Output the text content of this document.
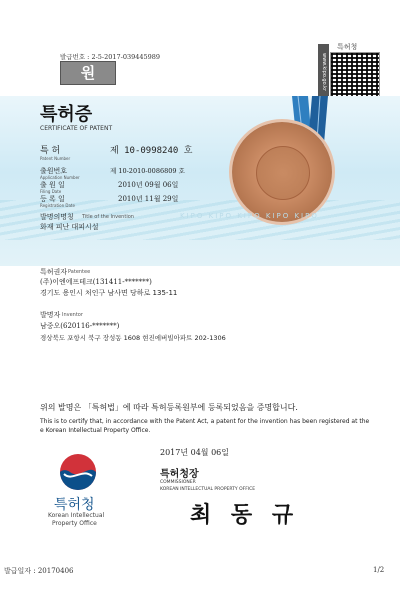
발급번호 : 2-5-2017-039445989
원
특허청
www.kipo.go.kr
특허증
CERTIFICATE OF PATENT
특 허
Patent Number
제 10-0998240 호
출원번호
Application Number
제 10-2010-0086809 호
출 원 일
Filing Date
2010년 09월 06일
등 록 일
Registration Date
2010년 11월 29일
발명의명칭 Title of the Invention
화재 피난 대피시설
KIPO KIPO KIPO KIPO KIPO
특허권자 Patentee
(주)이엔에프테크(131411-*******)
경기도 용인시 처인구 남사면 당하로 135-11
발명자 Inventor
남중오(620116-*******)
경상북도 포항시 북구 장성동 1608 현진에버빌아파트 202-1306
위의 발명은 「특허법」에 따라 특허등록원부에 등록되었음을 증명합니다.
This is to certify that, in accordance with the Patent Act, a patent for the invention has been registered at the
e Korean Intellectual Property Office.
2017년 04월 06일
특허청장
COMMISSIONER
KOREAN INTELLECTUAL PROPERTY OFFICE
최 동 규
특허청
Korean Intellectual
Property Office
발급일자 : 20170406	1/2
